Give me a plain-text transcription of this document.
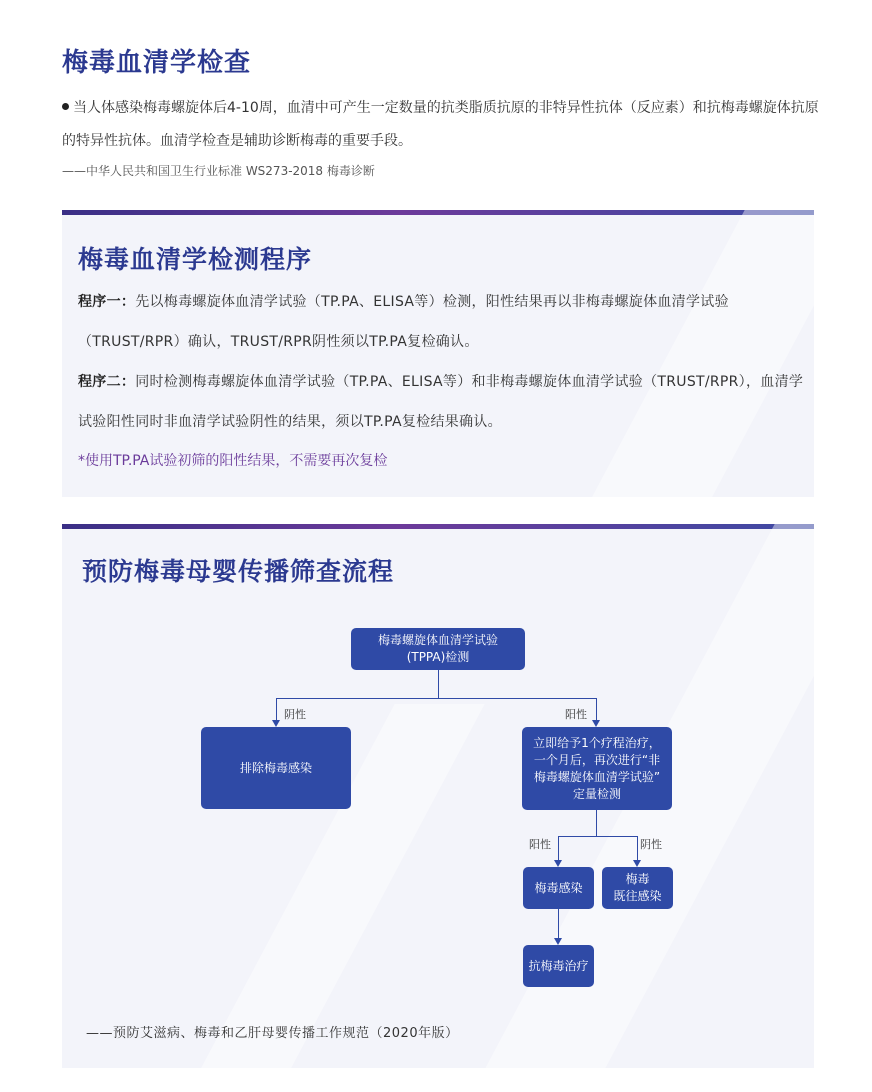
梅毒血清学检查
当人体感染梅毒螺旋体后4-10周，血清中可产生一定数量的抗类脂质抗原的非特异性抗体（反应素）和抗梅毒螺旋体抗原的特异性抗体。血清学检查是辅助诊断梅毒的重要手段。
——中华人民共和国卫生行业标准 WS273-2018 梅毒诊断
梅毒血清学检测程序
程序一：先以梅毒螺旋体血清学试验（TP.PA、ELISA等）检测，阳性结果再以非梅毒螺旋体血清学试验（TRUST/RPR）确认，TRUST/RPR阴性须以TP.PA复检确认。
程序二：同时检测梅毒螺旋体血清学试验（TP.PA、ELISA等）和非梅毒螺旋体血清学试验（TRUST/RPR），血清学试验阳性同时非血清学试验阴性的结果，须以TP.PA复检结果确认。
*使用TP.PA试验初筛的阳性结果，不需要再次复检
预防梅毒母婴传播筛查流程
梅毒螺旋体血清学试验
(TPPA)检测
阴性	阳性
排除梅毒感染
立即给予1个疗程治疗，
一个月后，再次进行“非
梅毒螺旋体血清学试验”
定量检测
阳性	阴性
梅毒感染
梅毒
既往感染
抗梅毒治疗
——预防艾滋病、梅毒和乙肝母婴传播工作规范（2020年版）
